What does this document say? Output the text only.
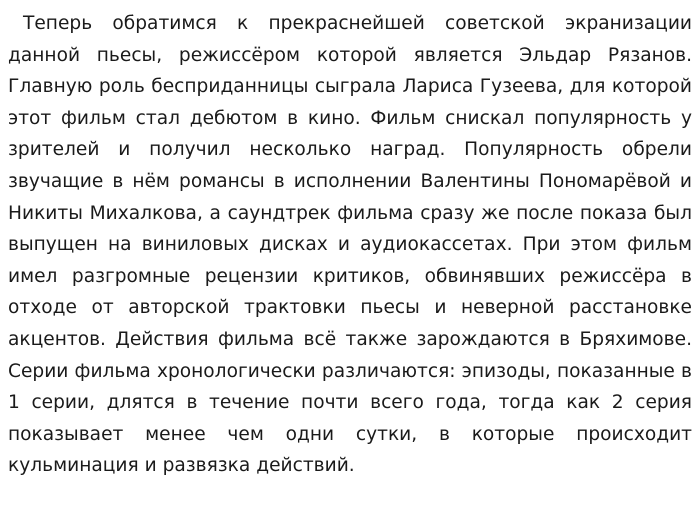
Теперь обратимся к прекраснейшей советской экранизации данной пьесы, режиссёром которой является Эльдар Рязанов. Главную роль бесприданницы сыграла Лариса Гузеева, для которой этот фильм стал дебютом в кино. Фильм снискал популярность у зрителей и получил несколько наград. Популярность обрели звучащие в нём романсы в исполнении Валентины Пономарёвой и Никиты Михалкова, а саундтрек фильма сразу же после показа был выпущен на виниловых дисках и аудиокассетах. При этом фильм имел разгромные рецензии критиков, обвинявших режиссёра в отходе от авторской трактовки пьесы и неверной расстановке акцентов. Действия фильма всё также зарождаются в Бряхимове. Серии фильма хронологически различаются: эпизоды, показанные в 1 серии, длятся в течение почти всего года, тогда как 2 серия показывает менее чем одни сутки, в которые происходит кульминация и развязка действий.
